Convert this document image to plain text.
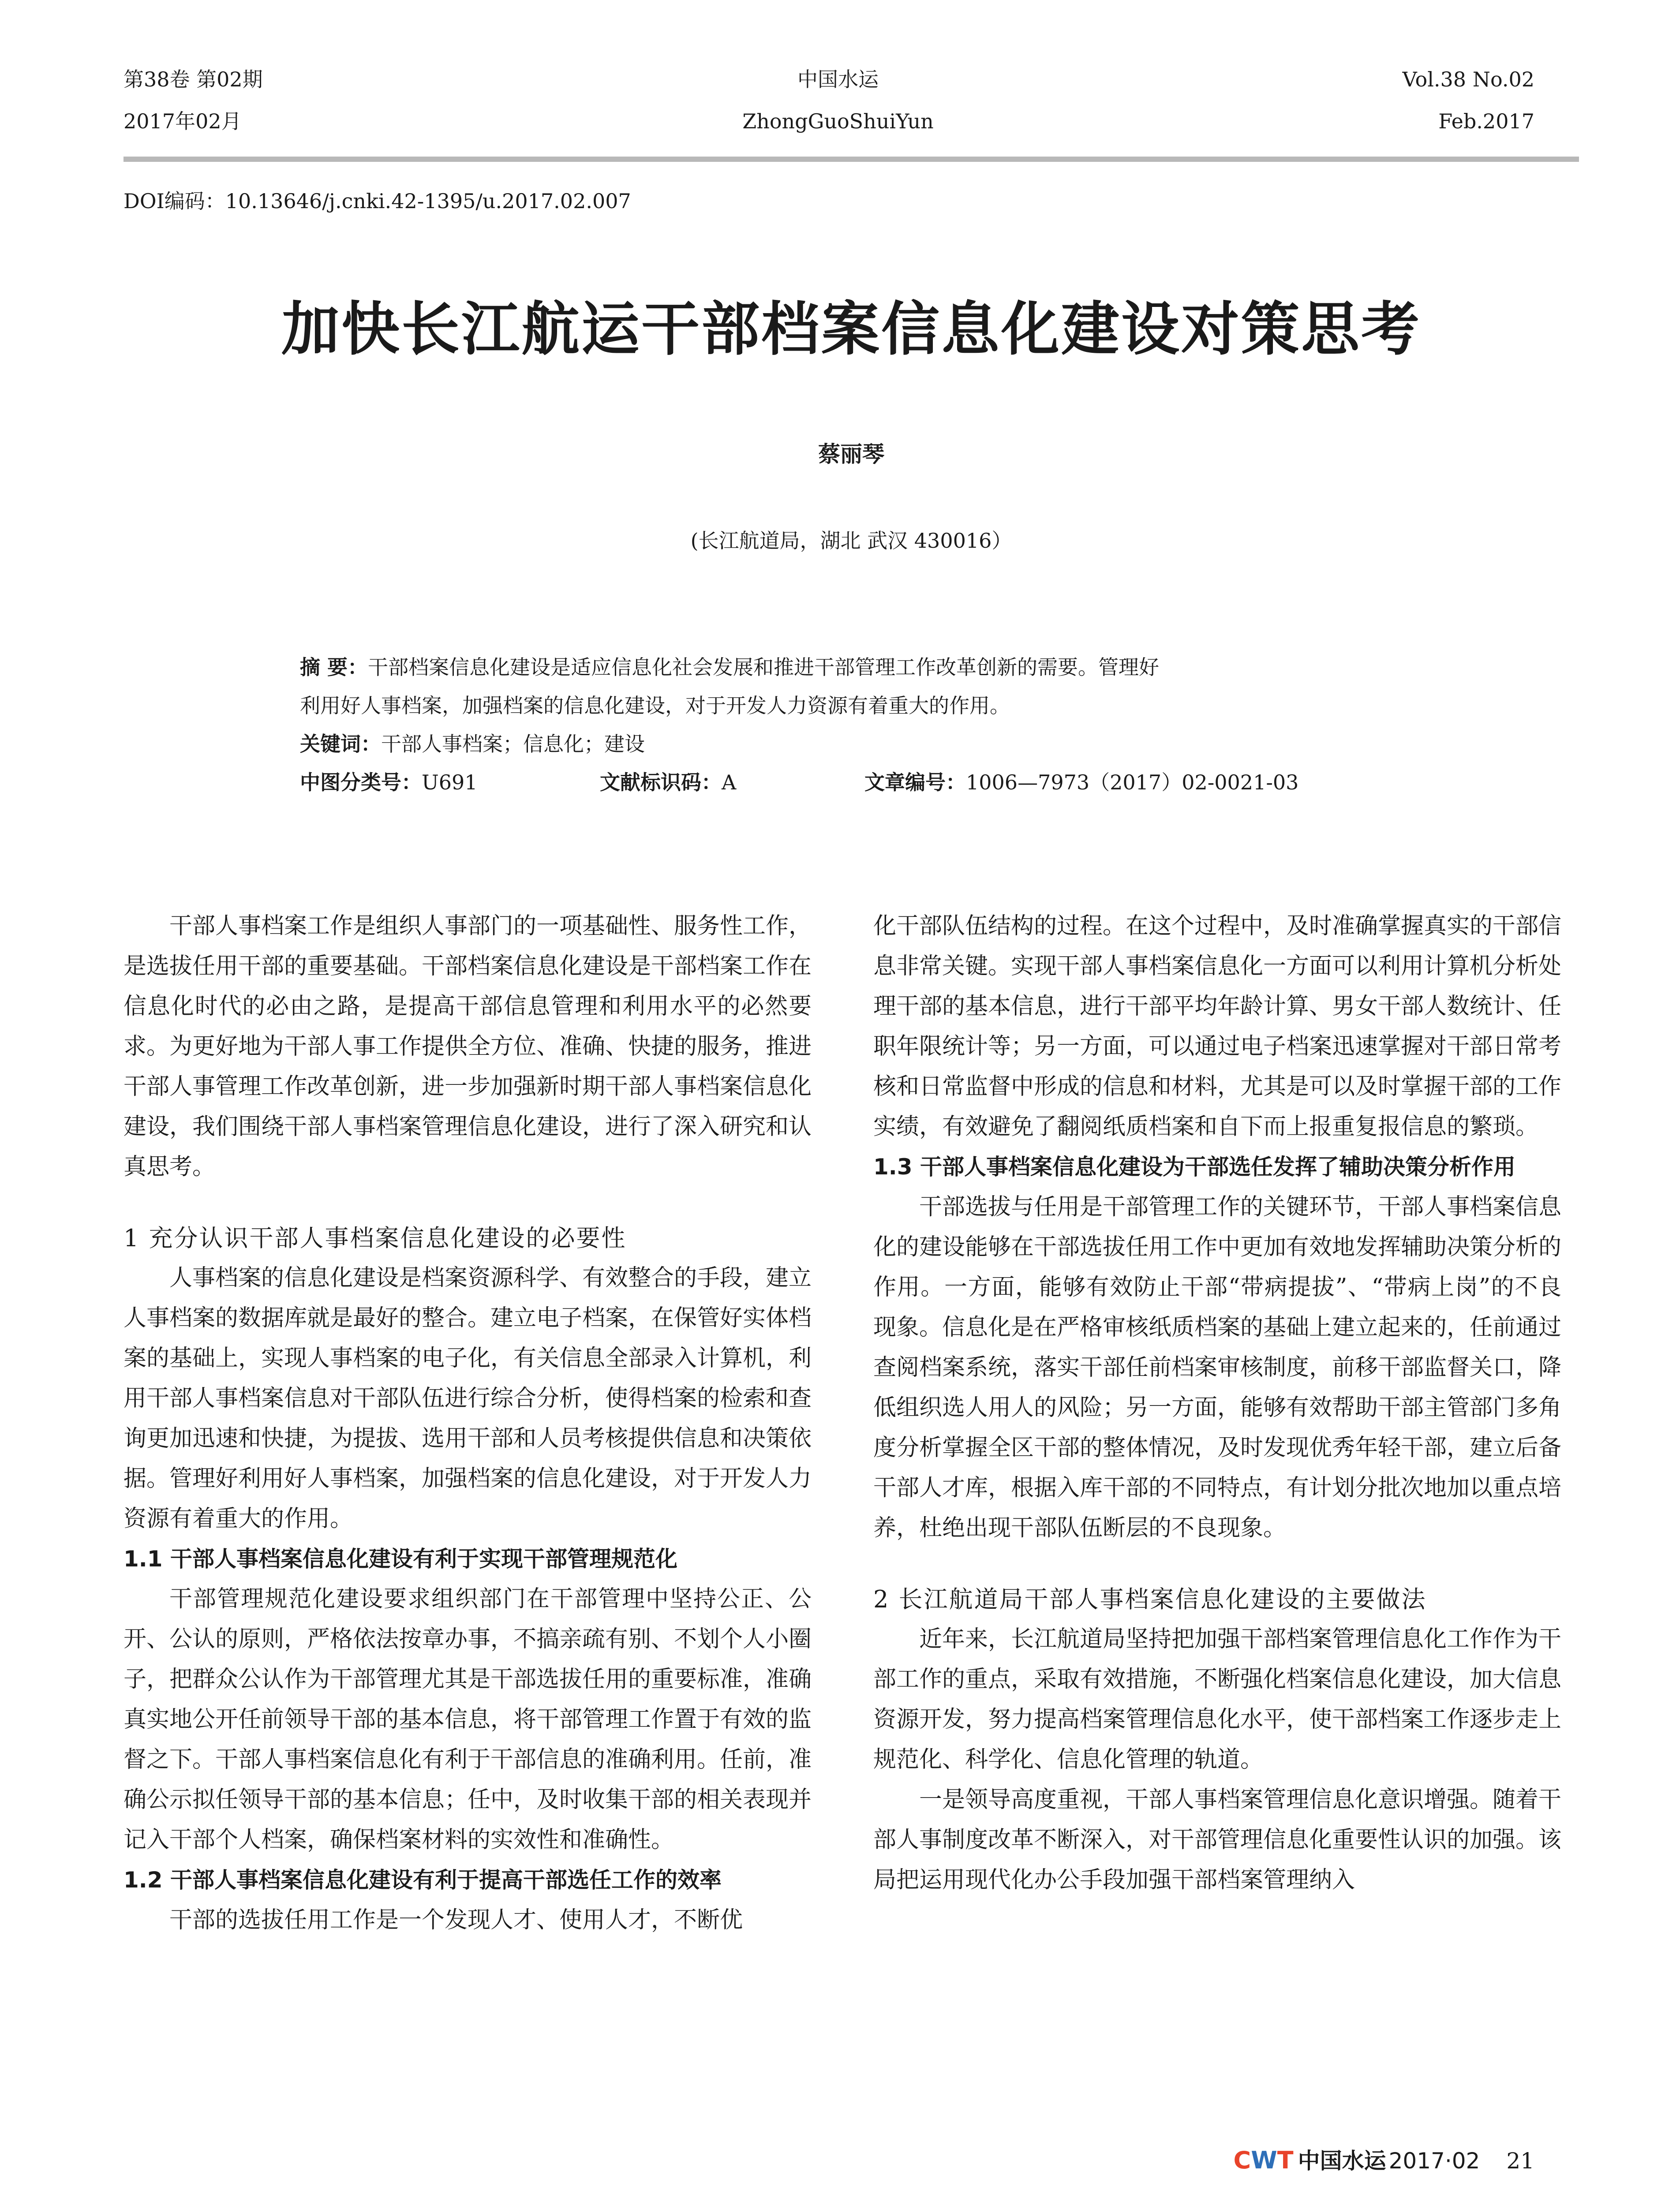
第38卷 第02期
2017年02月
中国水运
ZhongGuoShuiYun
Vol.38 No.02
Feb.2017
DOI编码：10.13646/j.cnki.42-1395/u.2017.02.007
加快长江航运干部档案信息化建设对策思考
蔡丽琴
(长江航道局，湖北 武汉 430016）

摘 要：干部档案信息化建设是适应信息化社会发展和推进干部管理工作改革创新的需要。管理好

利用好人事档案，加强档案的信息化建设，对于开发人力资源有着重大的作用。

关键词：干部人事档案；信息化；建设

中图分类号：U691	文献标识码：A	文章编号：1006—7973（2017）02-0021-03

干部人事档案工作是组织人事部门的一项基础性、服务性工作，是选拔任用干部的重要基础。干部档案信息化建设是干部档案工作在信息化时代的必由之路，是提高干部信息管理和利用水平的必然要求。为更好地为干部人事工作提供全方位、准确、快捷的服务，推进干部人事管理工作改革创新，进一步加强新时期干部人事档案信息化建设，我们围绕干部人事档案管理信息化建设，进行了深入研究和认真思考。

1 充分认识干部人事档案信息化建设的必要性

人事档案的信息化建设是档案资源科学、有效整合的手段，建立人事档案的数据库就是最好的整合。建立电子档案，在保管好实体档案的基础上，实现人事档案的电子化，有关信息全部录入计算机，利用干部人事档案信息对干部队伍进行综合分析，使得档案的检索和查询更加迅速和快捷，为提拔、选用干部和人员考核提供信息和决策依据。管理好利用好人事档案，加强档案的信息化建设，对于开发人力资源有着重大的作用。

1.1 干部人事档案信息化建设有利于实现干部管理规范化

干部管理规范化建设要求组织部门在干部管理中坚持公正、公开、公认的原则，严格依法按章办事，不搞亲疏有别、不划个人小圈子，把群众公认作为干部管理尤其是干部选拔任用的重要标准，准确真实地公开任前领导干部的基本信息，将干部管理工作置于有效的监督之下。干部人事档案信息化有利于干部信息的准确利用。任前，准确公示拟任领导干部的基本信息；任中，及时收集干部的相关表现并记入干部个人档案，确保档案材料的实效性和准确性。

1.2 干部人事档案信息化建设有利于提高干部选任工作的效率

干部的选拔任用工作是一个发现人才、使用人才，不断优

化干部队伍结构的过程。在这个过程中，及时准确掌握真实的干部信息非常关键。实现干部人事档案信息化一方面可以利用计算机分析处理干部的基本信息，进行干部平均年龄计算、男女干部人数统计、任职年限统计等；另一方面，可以通过电子档案迅速掌握对干部日常考核和日常监督中形成的信息和材料，尤其是可以及时掌握干部的工作实绩，有效避免了翻阅纸质档案和自下而上报重复报信息的繁琐。

1.3 干部人事档案信息化建设为干部选任发挥了辅助决策分析作用

干部选拔与任用是干部管理工作的关键环节，干部人事档案信息化的建设能够在干部选拔任用工作中更加有效地发挥辅助决策分析的作用。一方面，能够有效防止干部“带病提拔”、“带病上岗”的不良现象。信息化是在严格审核纸质档案的基础上建立起来的，任前通过查阅档案系统，落实干部任前档案审核制度，前移干部监督关口，降低组织选人用人的风险；另一方面，能够有效帮助干部主管部门多角度分析掌握全区干部的整体情况，及时发现优秀年轻干部，建立后备干部人才库，根据入库干部的不同特点，有计划分批次地加以重点培养，杜绝出现干部队伍断层的不良现象。

2 长江航道局干部人事档案信息化建设的主要做法

近年来，长江航道局坚持把加强干部档案管理信息化工作作为干部工作的重点，采取有效措施，不断强化档案信息化建设，加大信息资源开发，努力提高档案管理信息化水平，使干部档案工作逐步走上规范化、科学化、信息化管理的轨道。

一是领导高度重视，干部人事档案管理信息化意识增强。随着干部人事制度改革不断深入，对干部管理信息化重要性认识的加强。该局把运用现代化办公手段加强干部档案管理纳入

CWT 中国水运 2017·02 21
